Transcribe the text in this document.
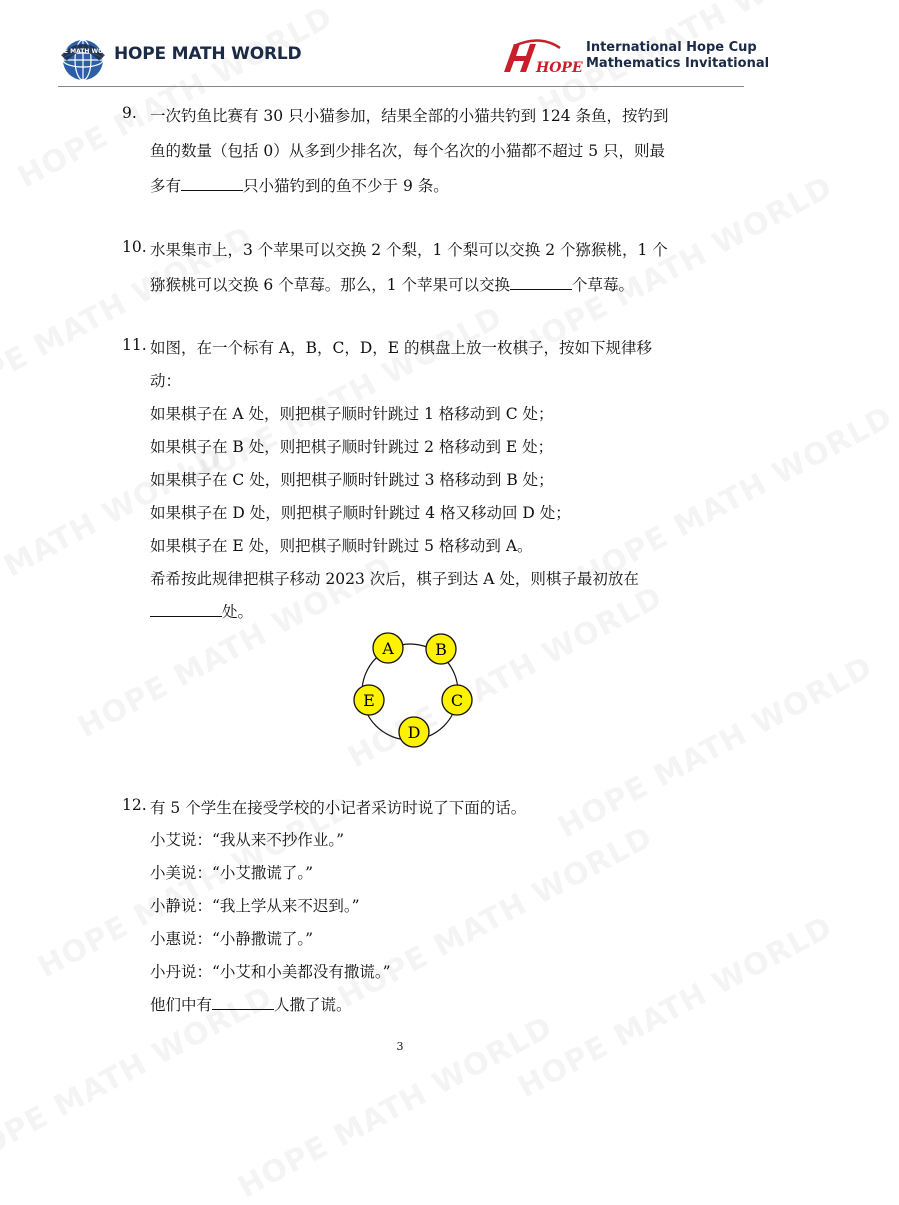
HOPE MATH WORLD
HOPE MATH WORLD
HOPE
International Hope Cup
Mathematics Invitational
9. 一次钓鱼比赛有 30 只小猫参加，结果全部的小猫共钓到 124 条鱼，按钓到
鱼的数量（包括 0）从多到少排名次，每个名次的小猫都不超过 5 只，则最
多有	只小猫钓到的鱼不少于 9 条。
10. 水果集市上，3 个苹果可以交换 2 个梨，1 个梨可以交换 2 个猕猴桃，1 个
猕猴桃可以交换 6 个草莓。那么，1 个苹果可以交换	个草莓。
11. 如图，在一个标有 A，B，C，D，E 的棋盘上放一枚棋子，按如下规律移
动：
如果棋子在 A 处，则把棋子顺时针跳过 1 格移动到 C 处；
如果棋子在 B 处，则把棋子顺时针跳过 2 格移动到 E 处；
如果棋子在 C 处，则把棋子顺时针跳过 3 格移动到 B 处；
如果棋子在 D 处，则把棋子顺时针跳过 4 格又移动回 D 处；
如果棋子在 E 处，则把棋子顺时针跳过 5 格移动到 A。
希希按此规律把棋子移动 2023 次后，棋子到达 A 处，则棋子最初放在
处。
12. 有 5 个学生在接受学校的小记者采访时说了下面的话。
小艾说：“我从来不抄作业。”
小美说：“小艾撒谎了。”
小静说：“我上学从来不迟到。”
小惠说：“小静撒谎了。”
小丹说：“小艾和小美都没有撒谎。”
他们中有	人撒了谎。
A	B
C
D
E
3
